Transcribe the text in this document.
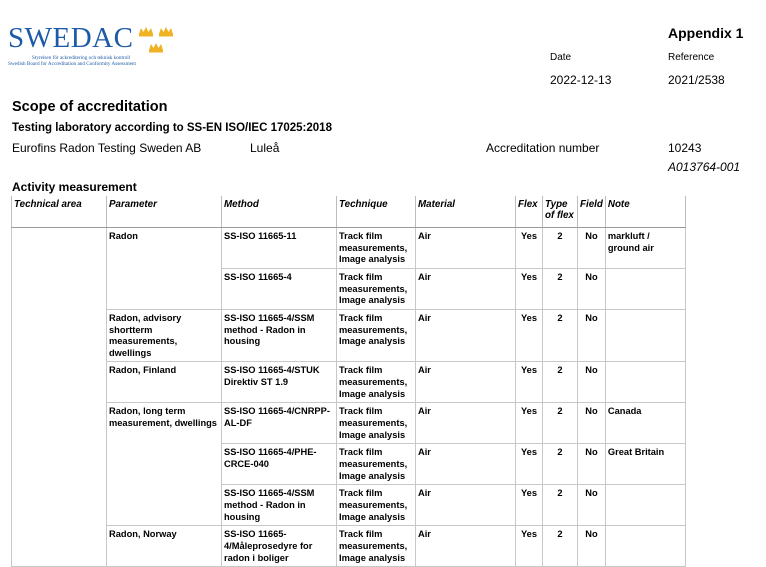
SWEDAC
Styrelsen för ackreditering och teknisk kontroll
Swedish Board for Accreditation and Conformity Assessment
Appendix 1
Date	Reference
2022-12-13	2021/2538
Scope of accreditation
Testing laboratory according to SS-EN ISO/IEC 17025:2018
Eurofins Radon Testing Sweden AB	Luleå	Accreditation number	10243
A013764-001
Activity measurement
Technical area	Parameter	Method	Technique	Material	Flex	Type of flex	Field	Note
	Radon	SS-ISO 11665-11	Track film measurements, Image analysis	Air	Yes	2	No	markluft / ground air
		SS-ISO 11665-4	Track film measurements, Image analysis	Air	Yes	2	No	
	Radon, advisory shortterm measurements, dwellings	SS-ISO 11665-4/SSM method - Radon in housing	Track film measurements, Image analysis	Air	Yes	2	No	
	Radon, Finland	SS-ISO 11665-4/STUK Direktiv ST 1.9	Track film measurements, Image analysis	Air	Yes	2	No	
	Radon, long term measurement, dwellings	SS-ISO 11665-4/CNRPP-AL-DF	Track film measurements, Image analysis	Air	Yes	2	No	Canada
		SS-ISO 11665-4/PHE-CRCE-040	Track film measurements, Image analysis	Air	Yes	2	No	Great Britain
		SS-ISO 11665-4/SSM method - Radon in housing	Track film measurements, Image analysis	Air	Yes	2	No	
	Radon, Norway	SS-ISO 11665-4/Måleprosedyre for radon i boliger	Track film measurements, Image analysis	Air	Yes	2	No	
